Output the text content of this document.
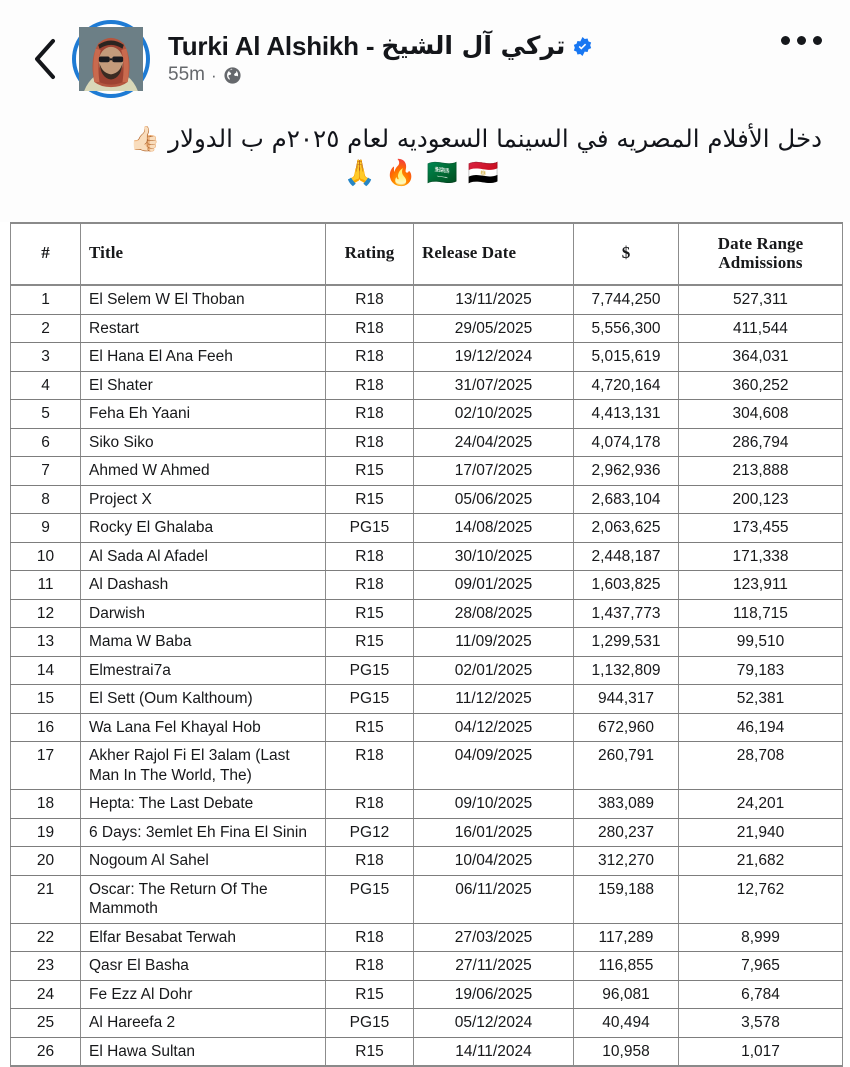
Turki Al Alshikh - تركي آل الشيخ
55m ·
دخل الأفلام المصريه في السينما السعوديه لعام ٢٠٢٥م ب الدولار 👍🏻
🇸🇦 🇪🇬 🔥 🙏
#	Title	Rating	Release Date	$	Date Range Admissions
1	El Selem W El Thoban	R18	13/11/2025	7,744,250	527,311
2	Restart	R18	29/05/2025	5,556,300	411,544
3	El Hana El Ana Feeh	R18	19/12/2024	5,015,619	364,031
4	El Shater	R18	31/07/2025	4,720,164	360,252
5	Feha Eh Yaani	R18	02/10/2025	4,413,131	304,608
6	Siko Siko	R18	24/04/2025	4,074,178	286,794
7	Ahmed W Ahmed	R15	17/07/2025	2,962,936	213,888
8	Project X	R15	05/06/2025	2,683,104	200,123
9	Rocky El Ghalaba	PG15	14/08/2025	2,063,625	173,455
10	Al Sada Al Afadel	R18	30/10/2025	2,448,187	171,338
11	Al Dashash	R18	09/01/2025	1,603,825	123,911
12	Darwish	R15	28/08/2025	1,437,773	118,715
13	Mama W Baba	R15	11/09/2025	1,299,531	99,510
14	Elmestrai7a	PG15	02/01/2025	1,132,809	79,183
15	El Sett (Oum Kalthoum)	PG15	11/12/2025	944,317	52,381
16	Wa Lana Fel Khayal Hob	R15	04/12/2025	672,960	46,194
17	Akher Rajol Fi El 3alam (Last Man In The World, The)	R18	04/09/2025	260,791	28,708
18	Hepta: The Last Debate	R18	09/10/2025	383,089	24,201
19	6 Days: 3emlet Eh Fina El Sinin	PG12	16/01/2025	280,237	21,940
20	Nogoum Al Sahel	R18	10/04/2025	312,270	21,682
21	Oscar: The Return Of The Mammoth	PG15	06/11/2025	159,188	12,762
22	Elfar Besabat Terwah	R18	27/03/2025	117,289	8,999
23	Qasr El Basha	R18	27/11/2025	116,855	7,965
24	Fe Ezz Al Dohr	R15	19/06/2025	96,081	6,784
25	Al Hareefa 2	PG15	05/12/2024	40,494	3,578
26	El Hawa Sultan	R15	14/11/2024	10,958	1,017
